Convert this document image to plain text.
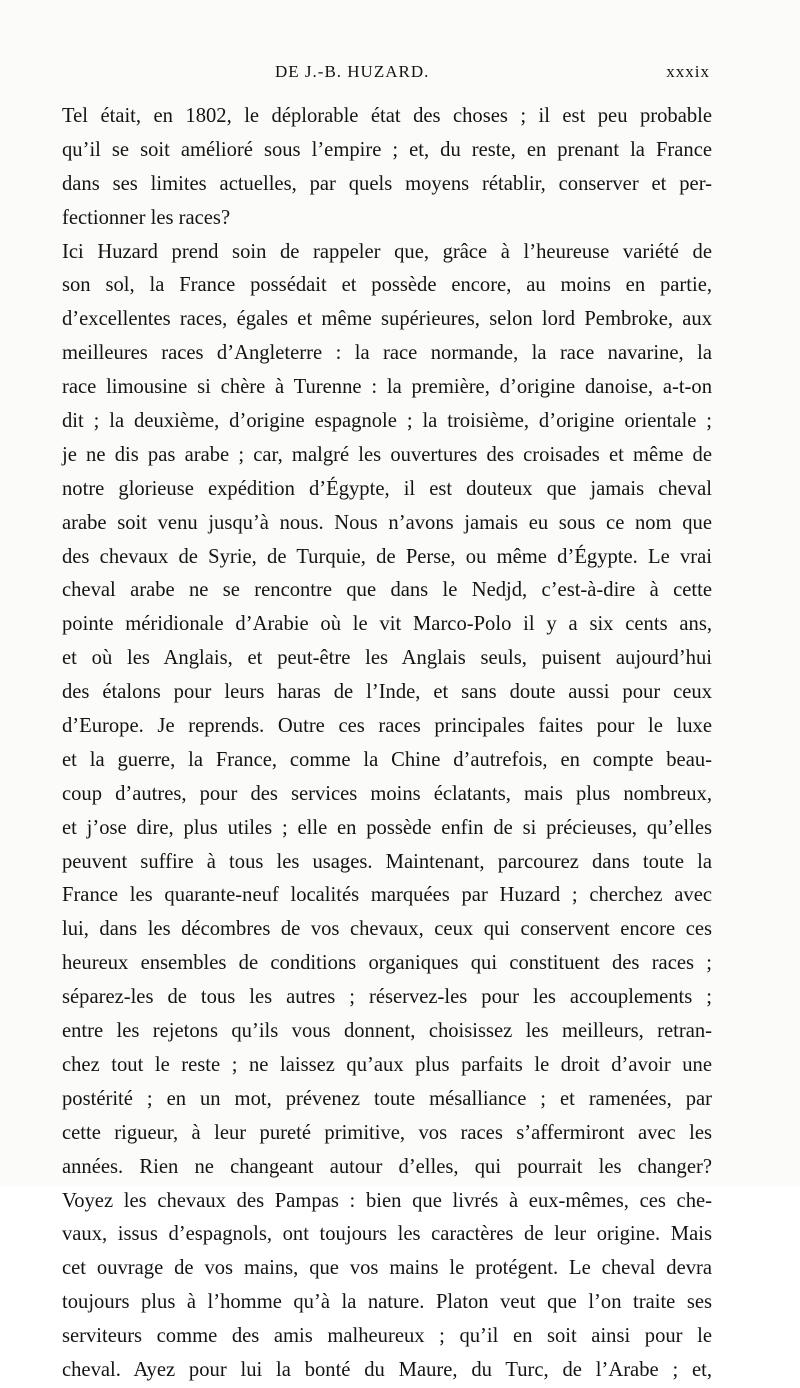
DE J.-B. HUZARD.	xxxix
Tel était, en 1802, le déplorable état des choses ; il est peu probable
qu’il se soit amélioré sous l’empire ; et, du reste, en prenant la France
dans ses limites actuelles, par quels moyens rétablir, conserver et per-
fectionner les races?
Ici Huzard prend soin de rappeler que, grâce à l’heureuse variété de
son sol, la France possédait et possède encore, au moins en partie,
d’excellentes races, égales et même supérieures, selon lord Pembroke, aux
meilleures races d’Angleterre : la race normande, la race navarine, la
race limousine si chère à Turenne : la première, d’origine danoise, a-t-on
dit ; la deuxième, d’origine espagnole ; la troisième, d’origine orientale ;
je ne dis pas arabe ; car, malgré les ouvertures des croisades et même de
notre glorieuse expédition d’Égypte, il est douteux que jamais cheval
arabe soit venu jusqu’à nous. Nous n’avons jamais eu sous ce nom que
des chevaux de Syrie, de Turquie, de Perse, ou même d’Égypte. Le vrai
cheval arabe ne se rencontre que dans le Nedjd, c’est-à-dire à cette
pointe méridionale d’Arabie où le vit Marco-Polo il y a six cents ans,
et où les Anglais, et peut-être les Anglais seuls, puisent aujourd’hui
des étalons pour leurs haras de l’Inde, et sans doute aussi pour ceux
d’Europe. Je reprends. Outre ces races principales faites pour le luxe
et la guerre, la France, comme la Chine d’autrefois, en compte beau-
coup d’autres, pour des services moins éclatants, mais plus nombreux,
et j’ose dire, plus utiles ; elle en possède enfin de si précieuses, qu’elles
peuvent suffire à tous les usages. Maintenant, parcourez dans toute la
France les quarante-neuf localités marquées par Huzard ; cherchez avec
lui, dans les décombres de vos chevaux, ceux qui conservent encore ces
heureux ensembles de conditions organiques qui constituent des races ;
séparez-les de tous les autres ; réservez-les pour les accouplements ;
entre les rejetons qu’ils vous donnent, choisissez les meilleurs, retran-
chez tout le reste ; ne laissez qu’aux plus parfaits le droit d’avoir une
postérité ; en un mot, prévenez toute mésalliance ; et ramenées, par
cette rigueur, à leur pureté primitive, vos races s’affermiront avec les
années. Rien ne changeant autour d’elles, qui pourrait les changer?
Voyez les chevaux des Pampas : bien que livrés à eux-mêmes, ces che-
vaux, issus d’espagnols, ont toujours les caractères de leur origine. Mais
cet ouvrage de vos mains, que vos mains le protégent. Le cheval devra
toujours plus à l’homme qu’à la nature. Platon veut que l’on traite ses
serviteurs comme des amis malheureux ; qu’il en soit ainsi pour le
cheval. Ayez pour lui la bonté du Maure, du Turc, de l’Arabe ; et,
